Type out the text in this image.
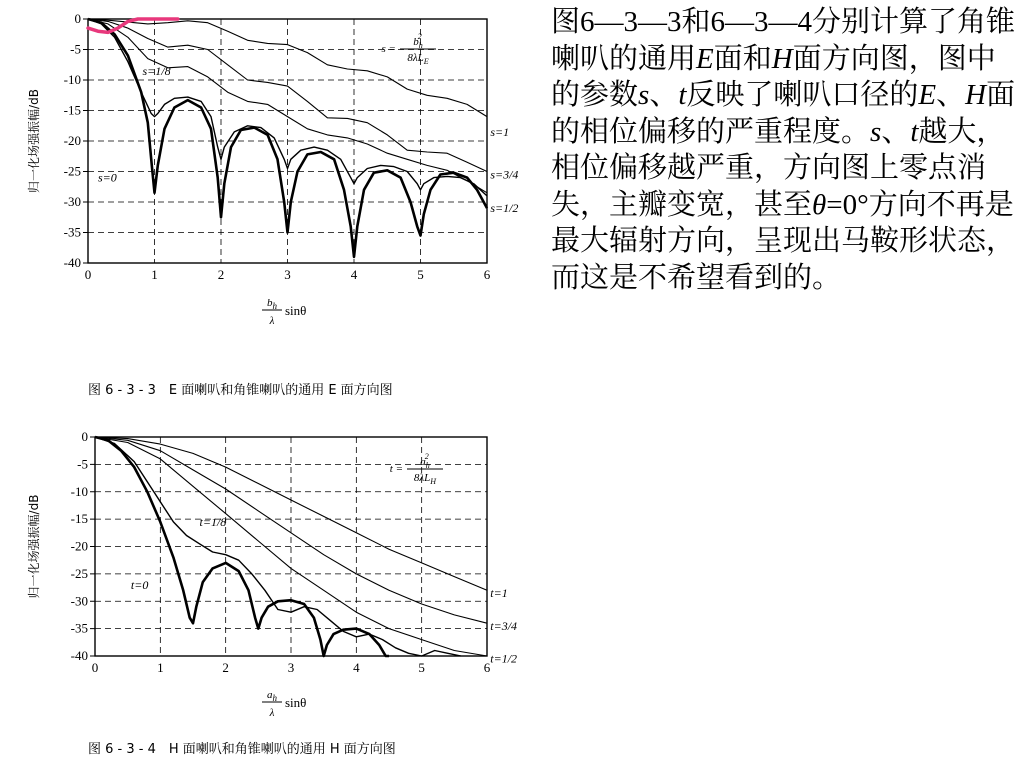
0
-5
-10
-15
-20
-25
-30
-35
-40
0	1	2	3	4	5	6
归一化场强振幅/dB	s=0
s=1/8
s=1/2
s=3/4
s=1
s =
$b_h2$
$8\lambda L_E$
$b_h$
λ
sinθ
图 6 - 3 - 3　E 面喇叭和角锥喇叭的通用 E 面方向图
0
-5
-10
-15
-20
-25
-30
-35
-40
0	1	2	3	4	5	6
归一化场强振幅/dB	t=0
t=1/8
t=1/2
t=3/4
t=1
t =
$a_h2$
$8\lambda L_H$
$a_h$
λ
sinθ
图 6 - 3 - 4　H 面喇叭和角锥喇叭的通用 H 面方向图
图6—3—3和6—3—4分别计算了角锥喇叭的通用E面和H面方向图，图中的参数s、t反映了喇叭口径的E、H面的相位偏移的严重程度。s、t越大，相位偏移越严重，方向图上零点消失，主瓣变宽，甚至θ=0°方向不再是最大辐射方向，呈现出马鞍形状态，而这是不希望看到的。
